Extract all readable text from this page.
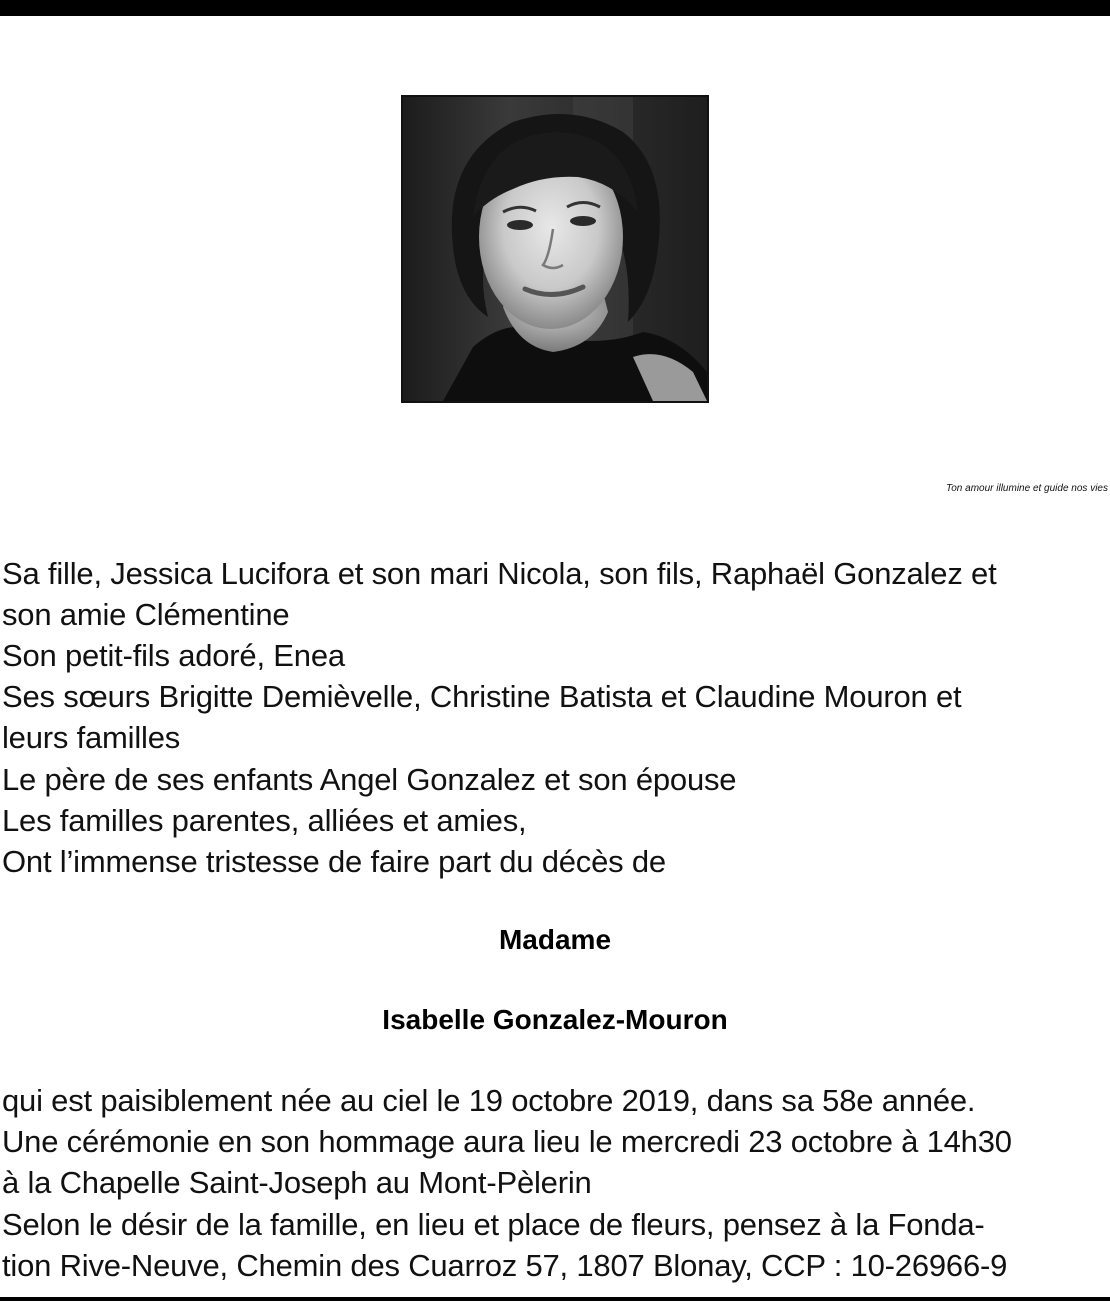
Ton amour illumine et guide nos vies
Sa fille, Jessica Lucifora et son mari Nicola, son fils, Raphaël Gonzalez et
son amie Clémentine
Son petit-fils adoré, Enea
Ses sœurs Brigitte Demièvelle, Christine Batista et Claudine Mouron et
leurs familles
Le père de ses enfants Angel Gonzalez et son épouse
Les familles parentes, alliées et amies,
Ont l’immense tristesse de faire part du décès de
Madame
Isabelle Gonzalez-Mouron
qui est paisiblement née au ciel le 19 octobre 2019, dans sa 58e année.
Une cérémonie en son hommage aura lieu le mercredi 23 octobre à 14h30
à la Chapelle Saint-Joseph au Mont-Pèlerin
Selon le désir de la famille, en lieu et place de fleurs, pensez à la Fonda-
tion Rive-Neuve, Chemin des Cuarroz 57, 1807 Blonay, CCP : 10-26966-9
